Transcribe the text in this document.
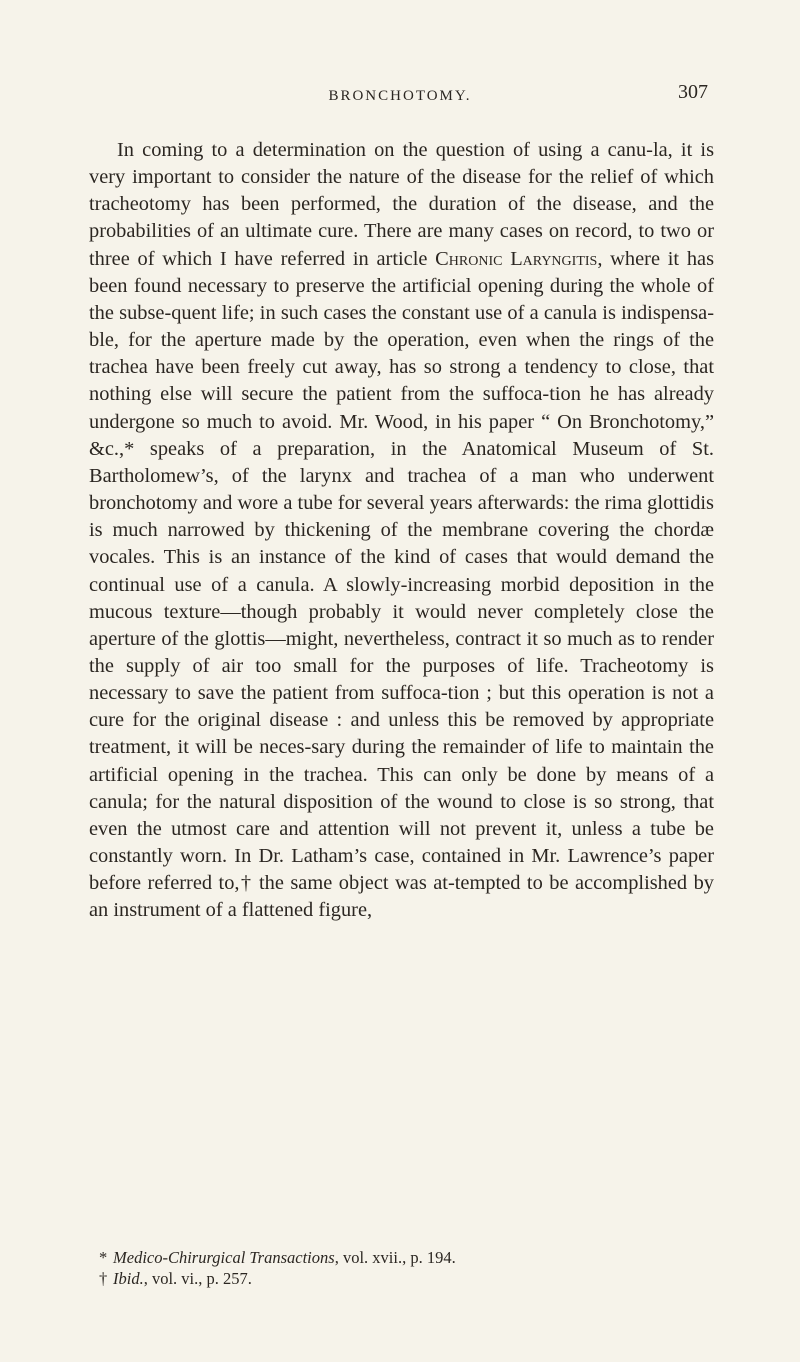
BRONCHOTOMY.	307

In coming to a determination on the question of using a canu-la, it is very important to consider the nature of the disease for the relief of which tracheotomy has been performed, the duration of the disease, and the probabilities of an ultimate cure. There are many cases on record, to two or three of which I have referred in article Chronic Laryngitis, where it has been found necessary to preserve the artificial opening during the whole of the subse-quent life; in such cases the constant use of a canula is indispensa-ble, for the aperture made by the operation, even when the rings of the trachea have been freely cut away, has so strong a tendency to close, that nothing else will secure the patient from the suffoca-tion he has already undergone so much to avoid. Mr. Wood, in his paper “ On Bronchotomy,” &c.,* speaks of a preparation, in the Anatomical Museum of St. Bartholomew’s, of the larynx and trachea of a man who underwent bronchotomy and wore a tube for several years afterwards: the rima glottidis is much narrowed by thickening of the membrane covering the chordæ vocales. This is an instance of the kind of cases that would demand the continual use of a canula. A slowly-increasing morbid deposition in the mucous texture—though probably it would never completely close the aperture of the glottis—might, nevertheless, contract it so much as to render the supply of air too small for the purposes of life. Tracheotomy is necessary to save the patient from suffoca-tion ; but this operation is not a cure for the original disease : and unless this be removed by appropriate treatment, it will be neces-sary during the remainder of life to maintain the artificial opening in the trachea. This can only be done by means of a canula; for the natural disposition of the wound to close is so strong, that even the utmost care and attention will not prevent it, unless a tube be constantly worn. In Dr. Latham’s case, contained in Mr. Lawrence’s paper before referred to,† the same object was at-tempted to be accomplished by an instrument of a flattened figure,

* Medico-Chirurgical Transactions, vol. xvii., p. 194.

† Ibid., vol. vi., p. 257.
